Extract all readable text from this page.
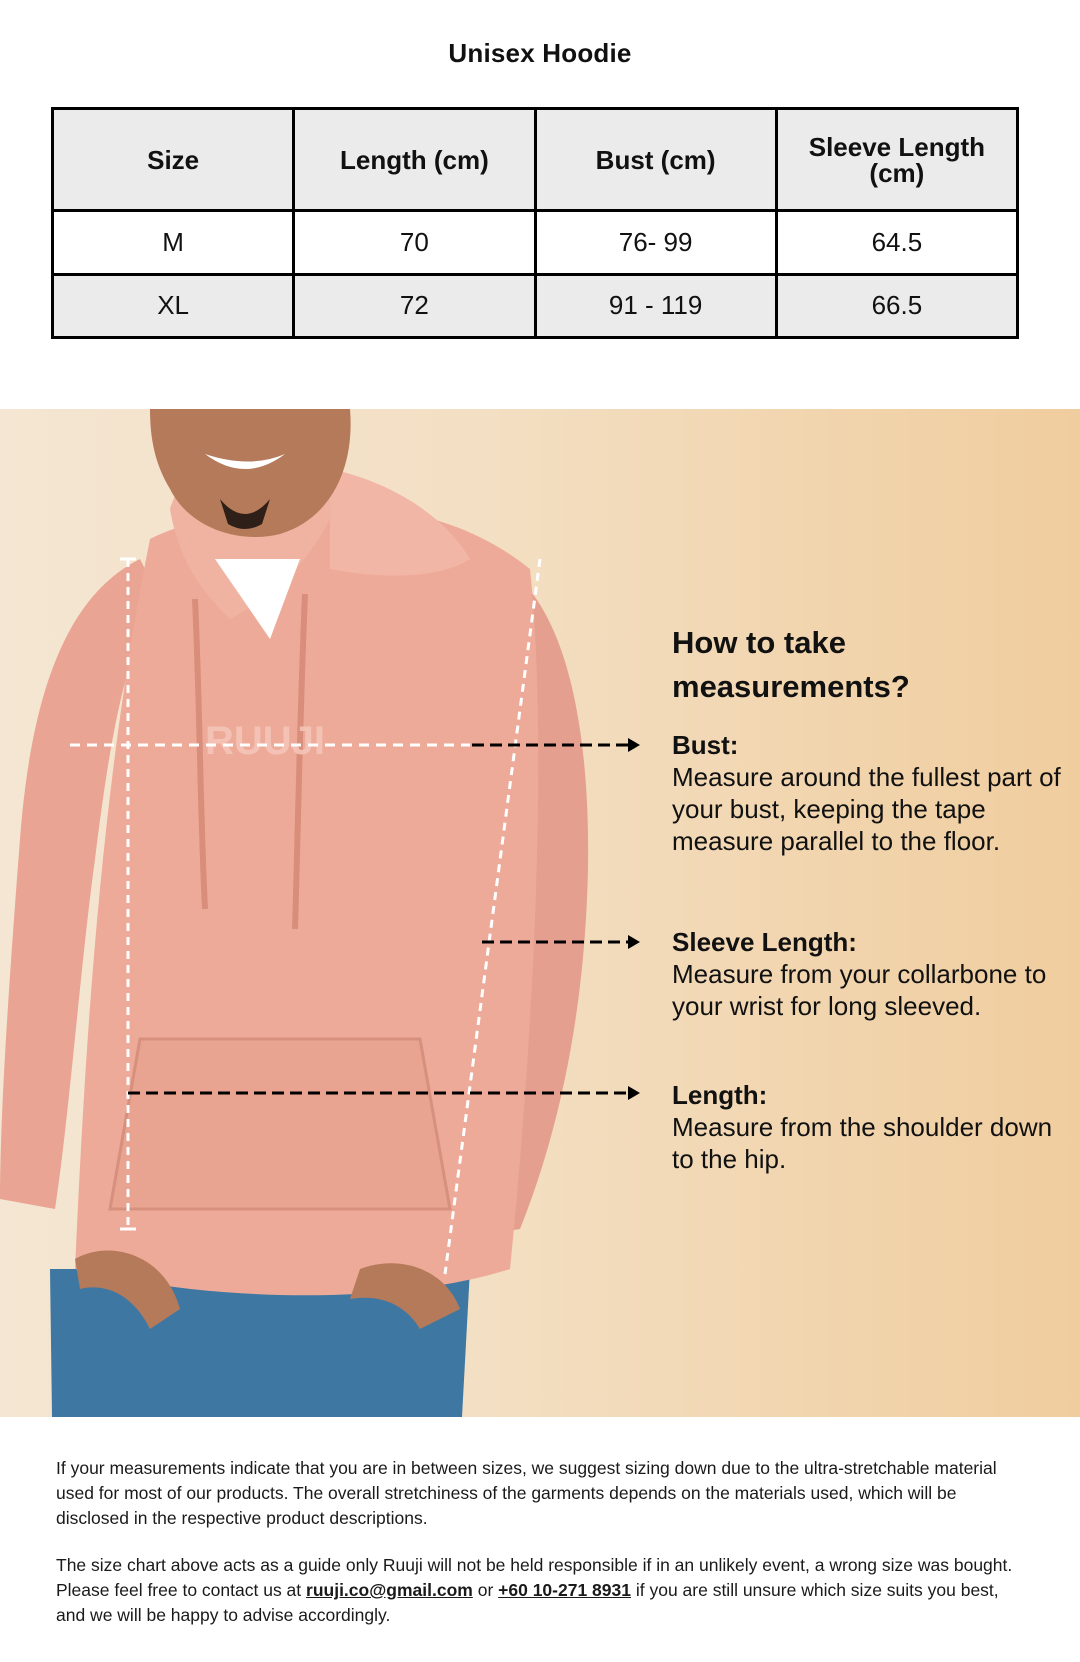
Unisex Hoodie
Size	Length (cm)	Bust (cm)	Sleeve Length (cm)
M	70	76- 99	64.5
XL	72	91 - 119	66.5
RUUJI
How to take measurements?
Bust:
Measure around the fullest part of your bust, keeping the tape measure parallel to the floor.
Sleeve Length:
Measure from your collarbone to your wrist for long sleeved.
Length:
Measure from the shoulder down to the hip.
If your measurements indicate that you are in between sizes, we suggest sizing down due to the ultra-stretchable material used for most of our products. The overall stretchiness of the garments depends on the materials used, which will be disclosed in the respective product descriptions.
The size chart above acts as a guide only Ruuji will not be held responsible if in an unlikely event, a wrong size was bought. Please feel free to contact us at ruuji.co@gmail.com or +60 10-271 8931 if you are still unsure which size suits you best, and we will be happy to advise accordingly.
